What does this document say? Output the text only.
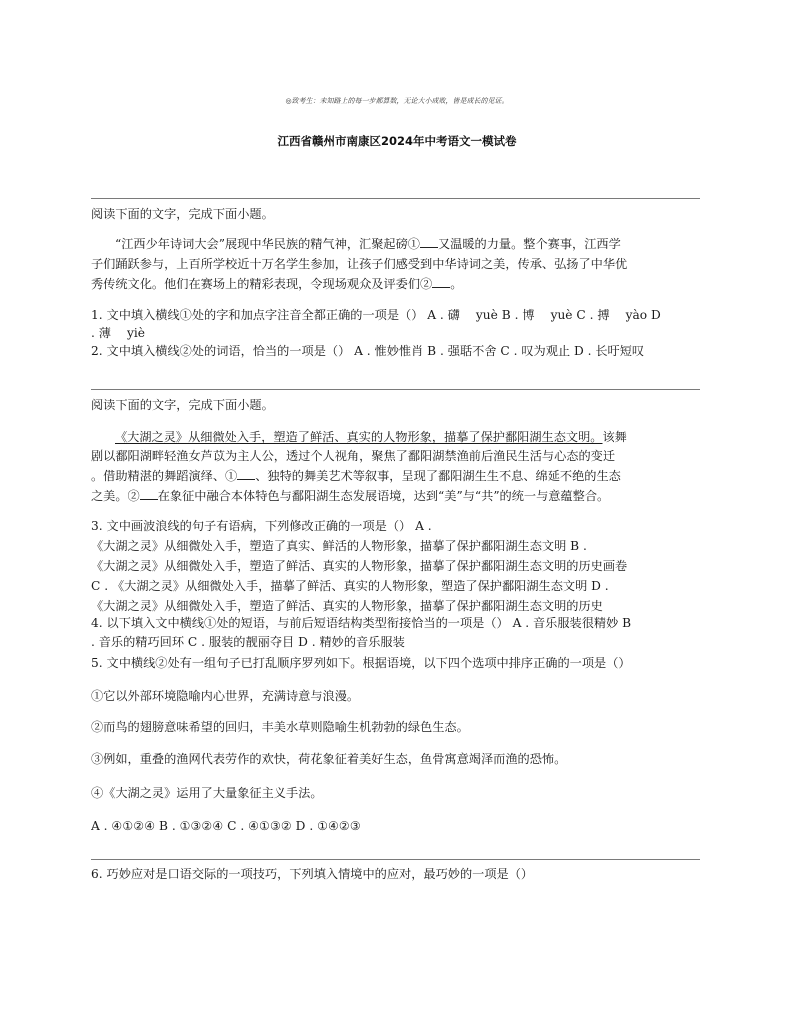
◎致考生：未知路上的每一步都算数，无论大小成败，皆是成长的见证。
江西省赣州市南康区2024年中考语文一模试卷
阅读下面的文字，完成下面小题。
“江西少年诗词大会”展现中华民族的精气神，汇聚起磅① 又温暖的力量。整个赛事，江西学
子们踊跃参与，上百所学校近十万名学生参加，让孩子们感受到中华诗词之美，传承、弘扬了中华优
秀传统文化。他们在赛场上的精彩表现，令现场观众及评委们② 。
1. 文中填入横线①处的字和加点字注音全都正确的一项是（） A . 礴　 yuè B . 博　 yuè C . 搏　 yào D
. 薄　 yiè
2. 文中填入横线②处的词语，恰当的一项是（） A . 惟妙惟肖 B . 强聒不舍 C . 叹为观止 D . 长吁短叹
阅读下面的文字，完成下面小题。
《大湖之灵》从细微处入手，塑造了鲜活、真实的人物形象，描摹了保护鄱阳湖生态文明。该舞
剧以鄱阳湖畔轻渔女芦苡为主人公，透过个人视角，聚焦了鄱阳湖禁渔前后渔民生活与心态的变迁
。借助精湛的舞蹈演绎、① 、独特的舞美艺术等叙事，呈现了鄱阳湖生生不息、绵延不绝的生态
之美。② 在象征中融合本体特色与鄱阳湖生态发展语境，达到“美”与“共”的统一与意蕴整合。
3. 文中画波浪线的句子有语病，下列修改正确的一项是（） A .
《大湖之灵》从细微处入手，塑造了真实、鲜活的人物形象，描摹了保护鄱阳湖生态文明 B .
《大湖之灵》从细微处入手，塑造了鲜活、真实的人物形象，描摹了保护鄱阳湖生态文明的历史画卷
C . 《大湖之灵》从细微处入手，描摹了鲜活、真实的人物形象，塑造了保护鄱阳湖生态文明 D .
《大湖之灵》从细微处入手，塑造了鲜活、真实的人物形象，描摹了保护鄱阳湖生态文明的历史
4. 以下填入文中横线①处的短语，与前后短语结构类型衔接恰当的一项是（） A . 音乐服装很精妙 B
. 音乐的精巧回环 C . 服装的靓丽夺目 D . 精妙的音乐服装
5. 文中横线②处有一组句子已打乱顺序罗列如下。根据语境，以下四个选项中排序正确的一项是（）
①它以外部环境隐喻内心世界，充满诗意与浪漫。
②而鸟的翅膀意味希望的回归，丰美水草则隐喻生机勃勃的绿色生态。
③例如，重叠的渔网代表劳作的欢快，荷花象征着美好生态，鱼骨寓意竭泽而渔的恐怖。
④《大湖之灵》运用了大量象征主义手法。
A . ④①②④ B . ①③②④ C . ④①③② D . ①④②③
6. 巧妙应对是口语交际的一项技巧，下列填入情境中的应对，最巧妙的一项是（）
